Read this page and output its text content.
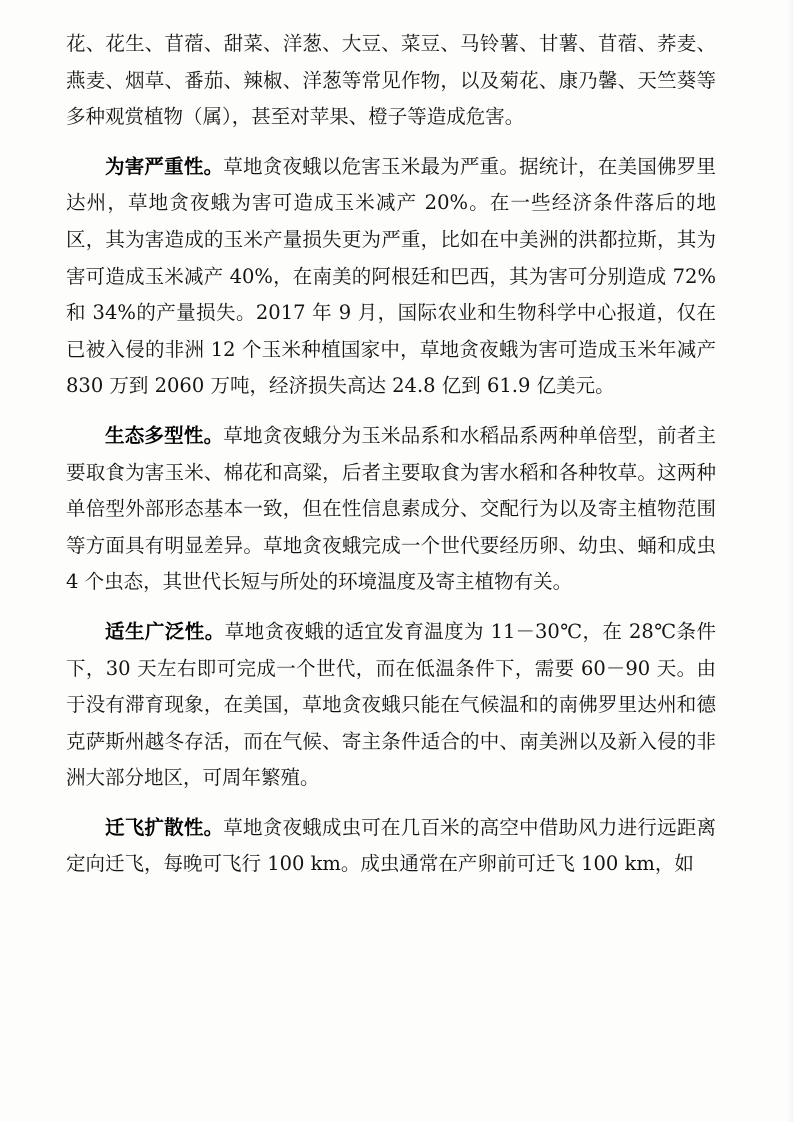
花、花生、苜蓿、甜菜、洋葱、大豆、菜豆、马铃薯、甘薯、苜蓿、荞麦、燕麦、烟草、番茄、辣椒、洋葱等常见作物，以及菊花、康乃馨、天竺葵等多种观赏植物（属），甚至对苹果、橙子等造成危害。

为害严重性。草地贪夜蛾以危害玉米最为严重。据统计，在美国佛罗里达州，草地贪夜蛾为害可造成玉米减产 20%。在一些经济条件落后的地区，其为害造成的玉米产量损失更为严重，比如在中美洲的洪都拉斯，其为害可造成玉米减产 40%，在南美的阿根廷和巴西，其为害可分别造成 72%和 34%的产量损失。2017 年 9 月，国际农业和生物科学中心报道，仅在已被入侵的非洲 12 个玉米种植国家中，草地贪夜蛾为害可造成玉米年减产 830 万到 2060 万吨，经济损失高达 24.8 亿到 61.9 亿美元。

生态多型性。草地贪夜蛾分为玉米品系和水稻品系两种单倍型，前者主要取食为害玉米、棉花和高粱，后者主要取食为害水稻和各种牧草。这两种单倍型外部形态基本一致，但在性信息素成分、交配行为以及寄主植物范围等方面具有明显差异。草地贪夜蛾完成一个世代要经历卵、幼虫、蛹和成虫 4 个虫态，其世代长短与所处的环境温度及寄主植物有关。

适生广泛性。草地贪夜蛾的适宜发育温度为 11－30℃，在 28℃条件下，30 天左右即可完成一个世代，而在低温条件下，需要 60－90 天。由于没有滞育现象，在美国，草地贪夜蛾只能在气候温和的南佛罗里达州和德克萨斯州越冬存活，而在气候、寄主条件适合的中、南美洲以及新入侵的非洲大部分地区，可周年繁殖。

迁飞扩散性。草地贪夜蛾成虫可在几百米的高空中借助风力进行远距离定向迁飞，每晚可飞行 100 km。成虫通常在产卵前可迁飞 100 km，如
